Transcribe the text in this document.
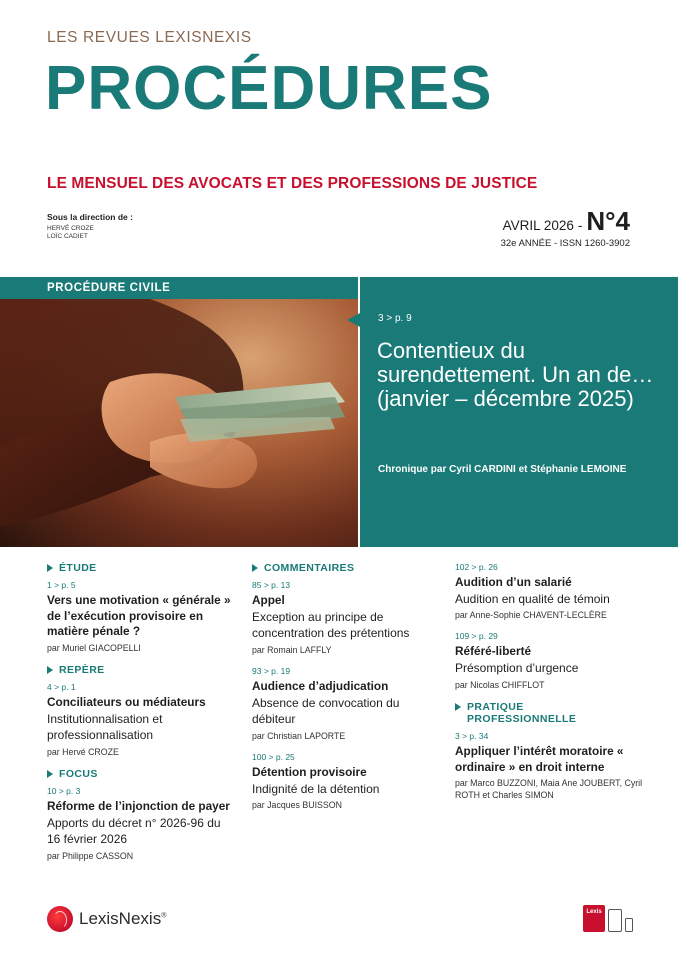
LES REVUES LEXISNEXIS
PROCÉDURES
LE MENSUEL DES AVOCATS ET DES PROFESSIONS DE JUSTICE
Sous la direction de :
HERVÉ CROZE
LOÏC CADIET
AVRIL 2026 - N°4
32e ANNÉE - ISSN 1260-3902
PROCÉDURE CIVILE
3 > p. 9
Contentieux du surendettement. Un an de… (janvier – décembre 2025)
Chronique par Cyril CARDINI et Stéphanie LEMOINE
ÉTUDE
1 > p. 5
Vers une motivation « générale » de l’exécution provisoire en matière pénale ?
par Muriel GIACOPELLI
REPÈRE
4 > p. 1
Conciliateurs ou médiateurs
Institutionnalisation et professionnalisation
par Hervé CROZE
FOCUS
10 > p. 3
Réforme de l’injonction de payer
Apports du décret n° 2026-96 du 16 février 2026
par Philippe CASSON
COMMENTAIRES
85 > p. 13
Appel
Exception au principe de concentration des prétentions
par Romain LAFFLY
93 > p. 19
Audience d’adjudication
Absence de convocation du débiteur
par Christian LAPORTE
100 > p. 25
Détention provisoire
Indignité de la détention
par Jacques BUISSON
102 > p. 26
Audition d’un salarié
Audition en qualité de témoin
par Anne-Sophie CHAVENT-LECLÈRE
109 > p. 29
Référé-liberté
Présomption d’urgence
par Nicolas CHIFFLOT
PRATIQUE
PROFESSIONNELLE
3 > p. 34
Appliquer l’intérêt moratoire « ordinaire » en droit interne
par Marco BUZZONI, Maia Ane JOUBERT, Cyril ROTH et Charles SIMON
LexisNexis®
Lexis
